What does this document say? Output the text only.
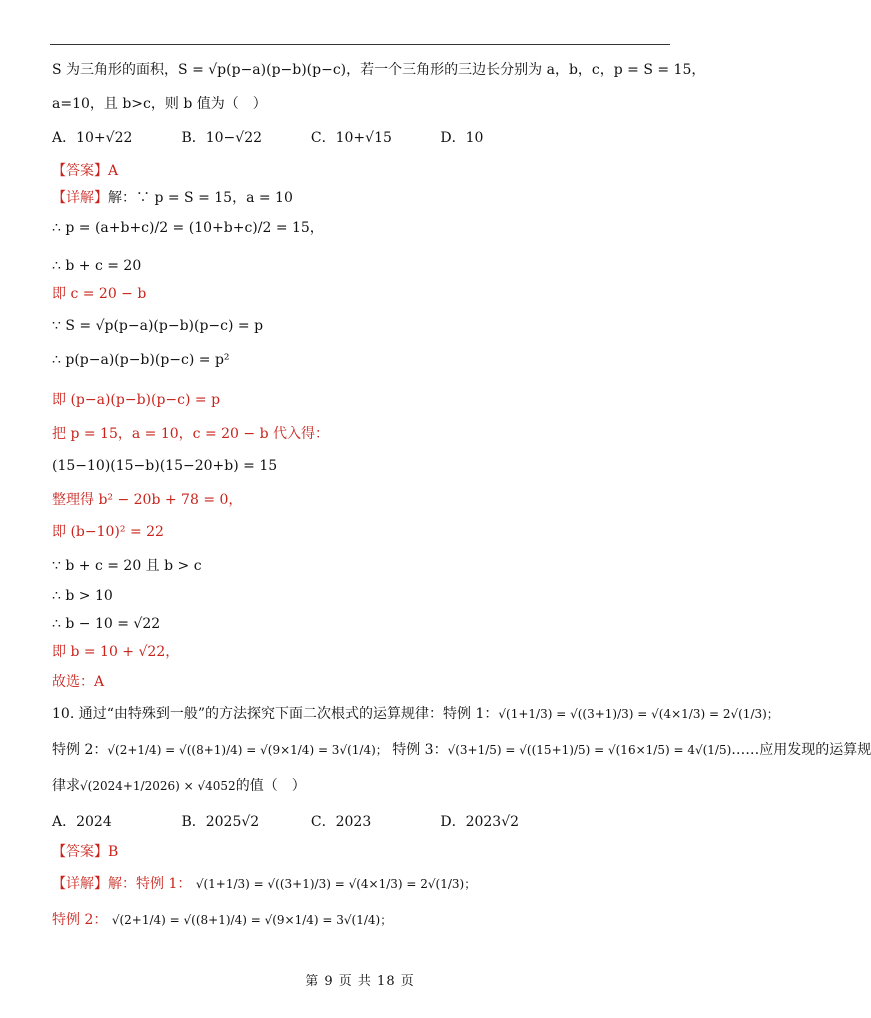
S 为三角形的面积，S = √p(p−a)(p−b)(p−c)，若一个三角形的三边长分别为 a，b，c，p = S = 15，
a=10，且 b>c，则 b 值为（　）
A．10+√22	B．10−√22	C．10+√15	D．10
【答案】A
【详解】解：∵ p = S = 15，a = 10
∴ p = (a+b+c)/2 = (10+b+c)/2 = 15，
∴ b + c = 20
即 c = 20 − b
∵ S = √p(p−a)(p−b)(p−c) = p
∴ p(p−a)(p−b)(p−c) = p²
即 (p−a)(p−b)(p−c) = p
把 p = 15，a = 10，c = 20 − b 代入得：
(15−10)(15−b)(15−20+b) = 15
整理得 b² − 20b + 78 = 0，
即 (b−10)² = 22
∵ b + c = 20 且 b > c
∴ b > 10
∴ b − 10 = √22
即 b = 10 + √22，
故选：A
10. 通过“由特殊到一般”的方法探究下面二次根式的运算规律：特例 1：√(1+1/3) = √((3+1)/3) = √(4×1/3) = 2√(1/3)；
特例 2：√(2+1/4) = √((8+1)/4) = √(9×1/4) = 3√(1/4)； 特例 3：√(3+1/5) = √((15+1)/5) = √(16×1/5) = 4√(1/5)……应用发现的运算规
律求√(2024+1/2026) × √4052的值（　）
A．2024	B．2025√2	C．2023	D．2023√2
【答案】B
【详解】解：特例 1： √(1+1/3) = √((3+1)/3) = √(4×1/3) = 2√(1/3)；
特例 2： √(2+1/4) = √((8+1)/4) = √(9×1/4) = 3√(1/4)；
第 9 页 共 18 页
